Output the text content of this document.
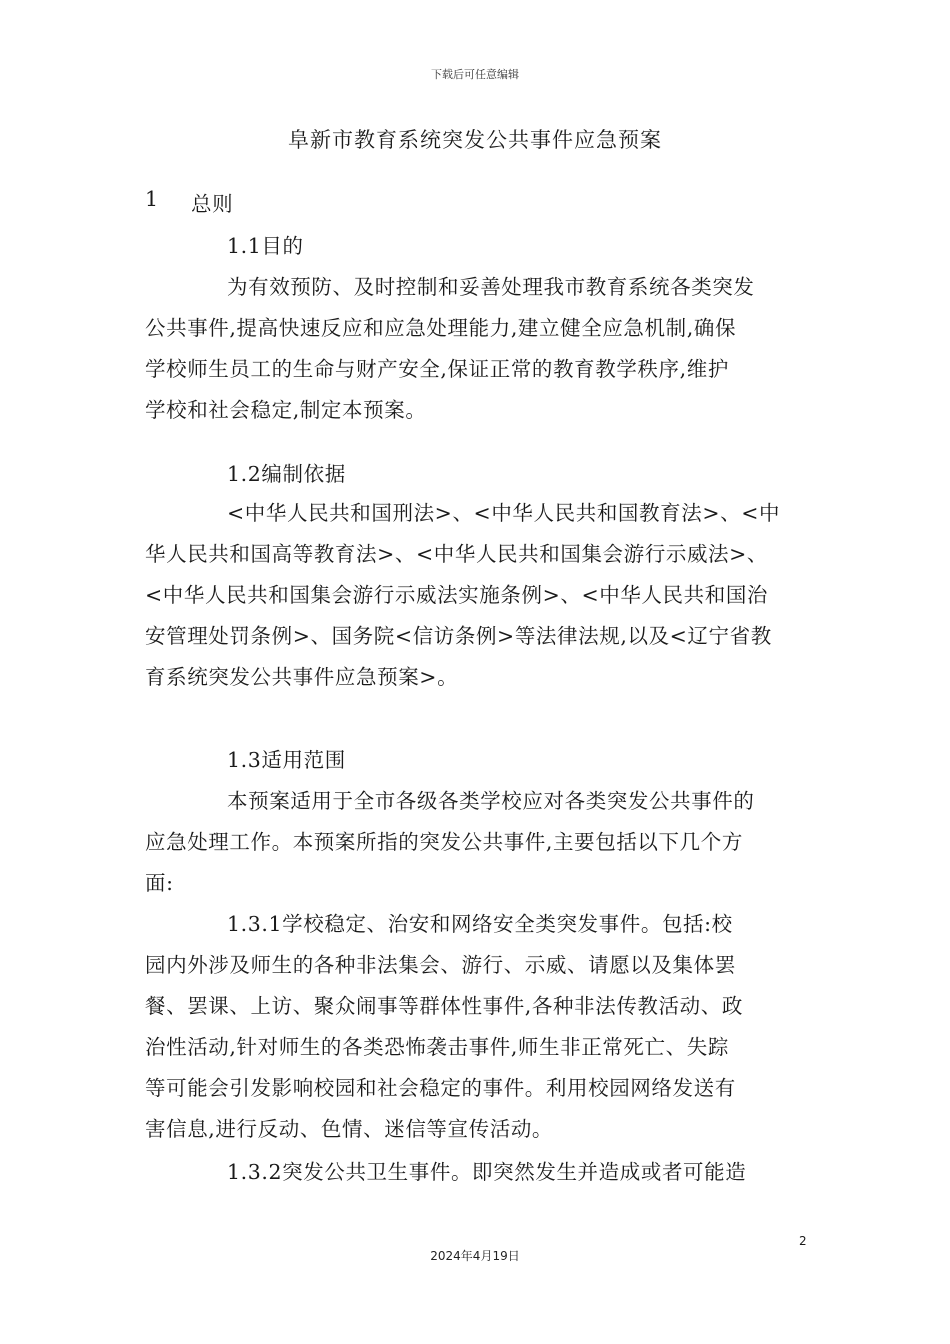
下载后可任意编辑
阜新市教育系统突发公共事件应急预案
1 总则
1.1目的
为有效预防、及时控制和妥善处理我市教育系统各类突发
公共事件,提高快速反应和应急处理能力,建立健全应急机制,确保
学校师生员工的生命与财产安全,保证正常的教育教学秩序,维护
学校和社会稳定,制定本预案。
1.2编制依据
<中华人民共和国刑法>、<中华人民共和国教育法>、<中
华人民共和国高等教育法>、<中华人民共和国集会游行示威法>、
<中华人民共和国集会游行示威法实施条例>、<中华人民共和国治
安管理处罚条例>、国务院<信访条例>等法律法规,以及<辽宁省教
育系统突发公共事件应急预案>。
1.3适用范围
本预案适用于全市各级各类学校应对各类突发公共事件的
应急处理工作。本预案所指的突发公共事件,主要包括以下几个方
面:
1.3.1学校稳定、治安和网络安全类突发事件。包括:校
园内外涉及师生的各种非法集会、游行、示威、请愿以及集体罢
餐、罢课、上访、聚众闹事等群体性事件,各种非法传教活动、政
治性活动,针对师生的各类恐怖袭击事件,师生非正常死亡、失踪
等可能会引发影响校园和社会稳定的事件。利用校园网络发送有
害信息,进行反动、色情、迷信等宣传活动。
1.3.2突发公共卫生事件。即突然发生并造成或者可能造
2
2024年4月19日
